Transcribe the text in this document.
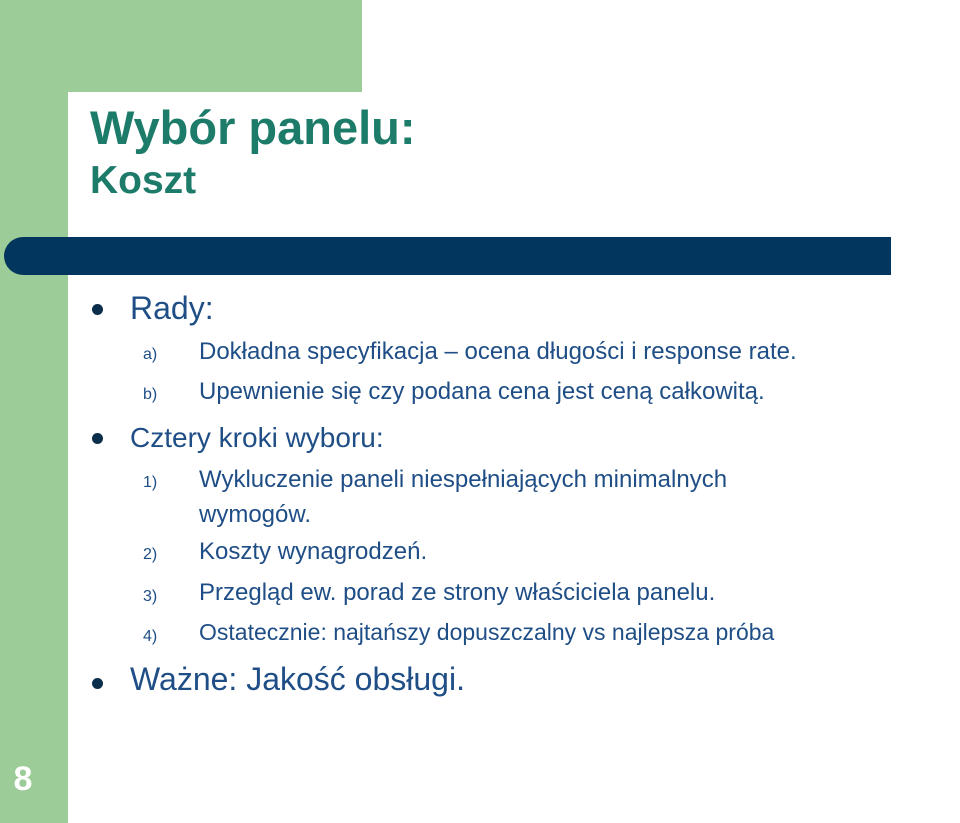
Wybór panelu:
Koszt
Rady:
a) Dokładna specyfikacja – ocena długości i response rate.
b) Upewnienie się czy podana cena jest ceną całkowitą.
Cztery kroki wyboru:
1) Wykluczenie paneli niespełniających minimalnych
wymogów.
2) Koszty wynagrodzeń.
3) Przegląd ew. porad ze strony właściciela panelu.
4) Ostatecznie: najtańszy dopuszczalny vs najlepsza próba
Ważne: Jakość obsługi.
8
